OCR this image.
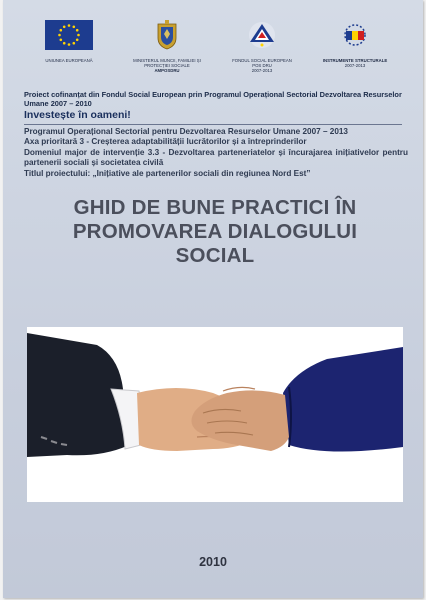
UNIUNEA EUROPEANĂ	MINISTERUL MUNCII, FAMILIEI ȘI
PROTECȚIEI SOCIALE
AMPOSDRU
FONDUL SOCIAL EUROPEAN
POS DRU
2007-2013
INSTRUMENTE STRUCTURALE
2007-2013
Proiect cofinanțat din Fondul Social European prin Programul Operațional Sectorial Dezvoltarea Resurselor Umane 2007 – 2010
Investește în oameni!
Programul Operațional Sectorial pentru Dezvoltarea Resurselor Umane 2007 – 2013
Axa prioritară 3 - Creșterea adaptabilității lucrătorilor și a întreprinderilor
Domeniul major de intervenție 3.3 - Dezvoltarea parteneriatelor și încurajarea inițiativelor pentru partenerii sociali și societatea civilă
Titlul proiectului: „Inițiative ale partenerilor sociali din regiunea Nord Est”
GHID DE BUNE PRACTICI ÎN
PROMOVAREA DIALOGULUI
SOCIAL
2010
